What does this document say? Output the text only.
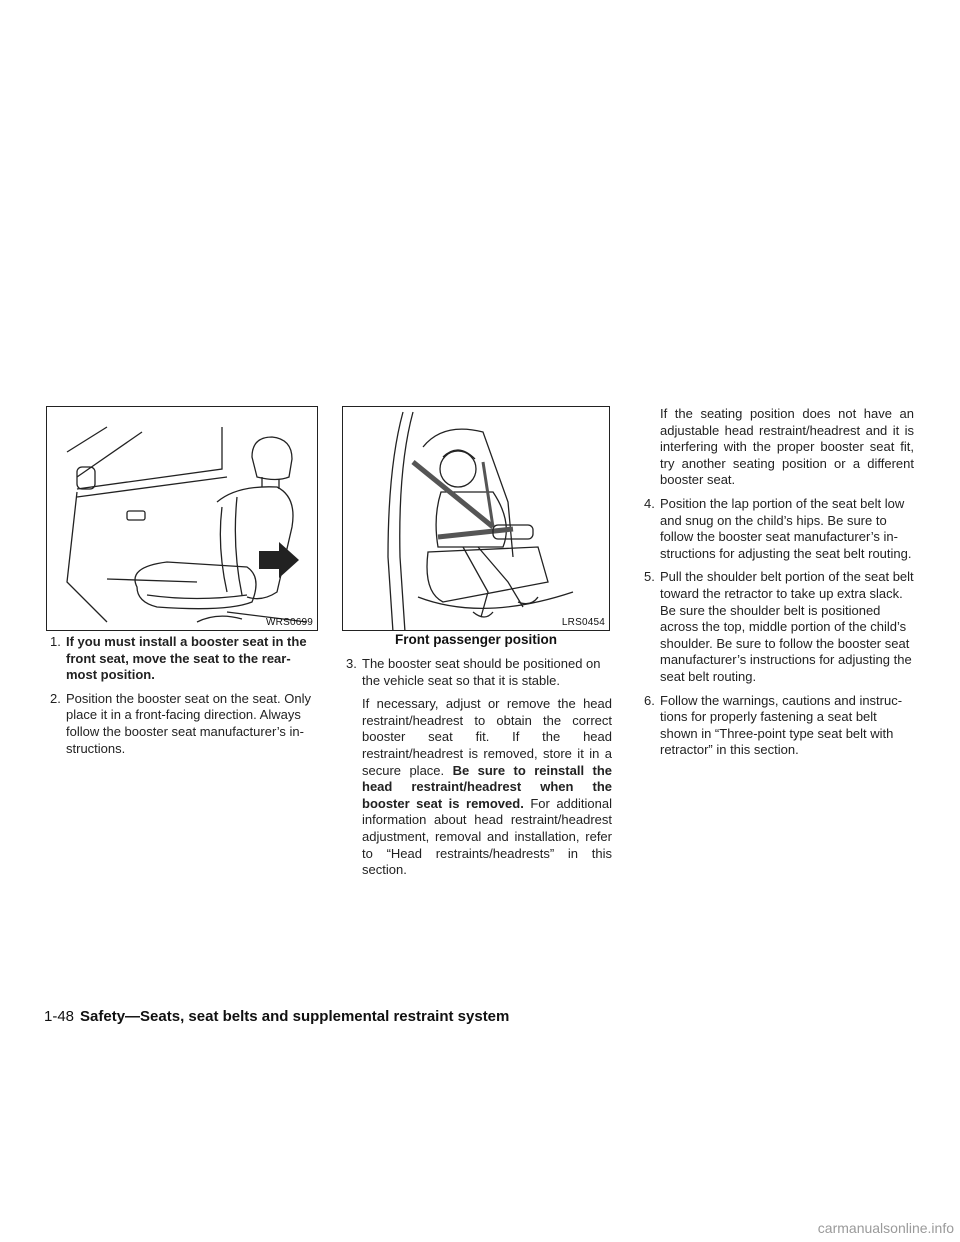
WRS0699	LRS0454
Front passenger position
1. If you must install a booster seat in the front seat, move the seat to the rear-most position.
2. Position the booster seat on the seat. Only place it in a front-facing direction. Always follow the booster seat manufacturer’s in-structions.
3. The booster seat should be positioned on the vehicle seat so that it is stable.
If necessary, adjust or remove the head restraint/headrest to obtain the correct booster seat fit. If the head restraint/headrest is removed, store it in a secure place. Be sure to reinstall the head restraint/headrest when the booster seat is removed. For additional information about head restraint/headrest adjustment, removal and installation, refer to “Head restraints/headrests” in this section.
If the seating position does not have an adjustable head restraint/headrest and it is interfering with the proper booster seat fit, try another seating position or a different booster seat.
4. Position the lap portion of the seat belt low and snug on the child’s hips. Be sure to follow the booster seat manufacturer’s in-structions for adjusting the seat belt routing.
5. Pull the shoulder belt portion of the seat belt toward the retractor to take up extra slack. Be sure the shoulder belt is positioned across the top, middle portion of the child’s shoulder. Be sure to follow the booster seat manufacturer’s instructions for adjusting the seat belt routing.
6. Follow the warnings, cautions and instruc-tions for properly fastening a seat belt shown in “Three-point type seat belt with retractor” in this section.
1-48 Safety—Seats, seat belts and supplemental restraint system
carmanualsonline.info
